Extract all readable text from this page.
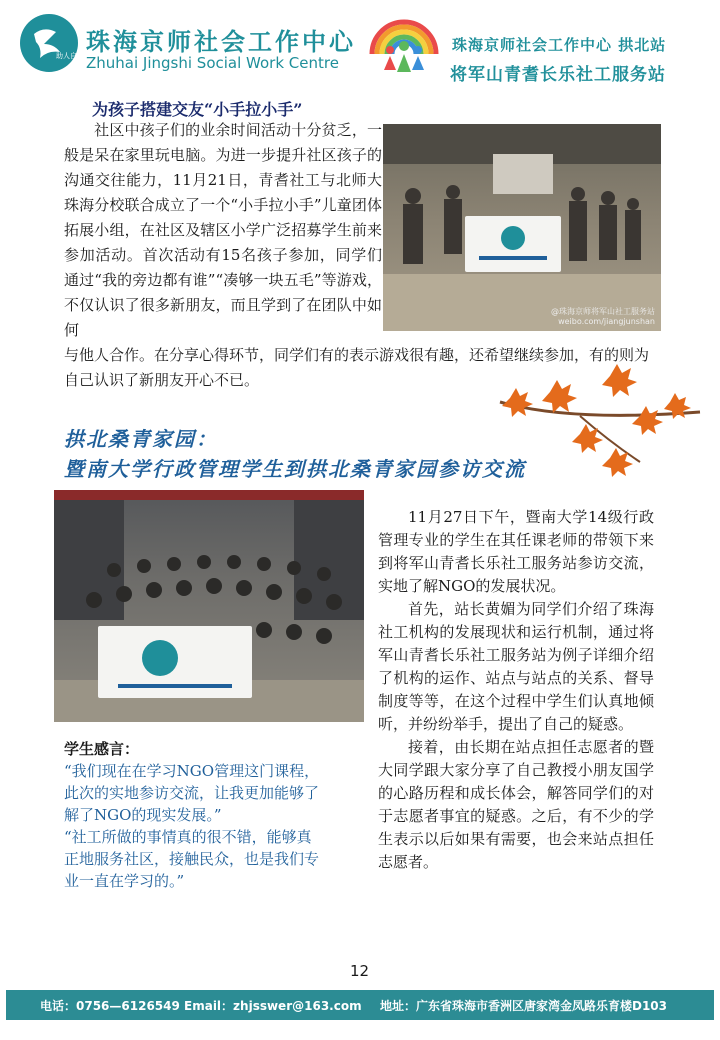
助人自助 珠海京师社会工作中心
Zhuhai Jingshi Social Work Centre
珠海京师社会工作中心 拱北站
将军山青耆长乐社工服务站
为孩子搭建交友“小手拉小手”
社区中孩子们的业余时间活动十分贫乏，一般是呆在家里玩电脑。为进一步提升社区孩子的沟通交往能力，11月21日，青耆社工与北师大珠海分校联合成立了一个“小手拉小手”儿童团体拓展小组，在社区及辖区小学广泛招募学生前来参加活动。首次活动有15名孩子参加，同学们通过“我的旁边都有谁”“凑够一块五毛”等游戏，不仅认识了很多新朋友，而且学到了在团队中如何
与他人合作。在分享心得环节，同学们有的表示游戏很有趣，还希望继续参加，有的则为自己认识了新朋友开心不已。
@珠海京师将军山社工服务站
weibo.com/jiangjunshan
拱北桑青家园：
暨南大学行政管理学生到拱北桑青家园参访交流

11月27日下午，暨南大学14级行政管理专业的学生在其任课老师的带领下来到将军山青耆长乐社工服务站参访交流，实地了解NGO的发展状况。

首先，站长黄媚为同学们介绍了珠海社工机构的发展现状和运行机制，通过将军山青耆长乐社工服务站为例子详细介绍了机构的运作、站点与站点的关系、督导制度等等，在这个过程中学生们认真地倾听，并纷纷举手，提出了自己的疑惑。

接着，由长期在站点担任志愿者的暨大同学跟大家分享了自己教授小朋友国学的心路历程和成长体会，解答同学们的对于志愿者事宜的疑惑。之后，有不少的学生表示以后如果有需要，也会来站点担任志愿者。

学生感言：
“我们现在在学习NGO管理这门课程，此次的实地参访交流，让我更加能够了解了NGO的现实发展。”
“社工所做的事情真的很不错，能够真正地服务社区，接触民众，也是我们专业一直在学习的。”
12
电话：0756—6126549 Email：zhjsswer@163.com 地址：广东省珠海市香洲区唐家湾金凤路乐育楼D103
